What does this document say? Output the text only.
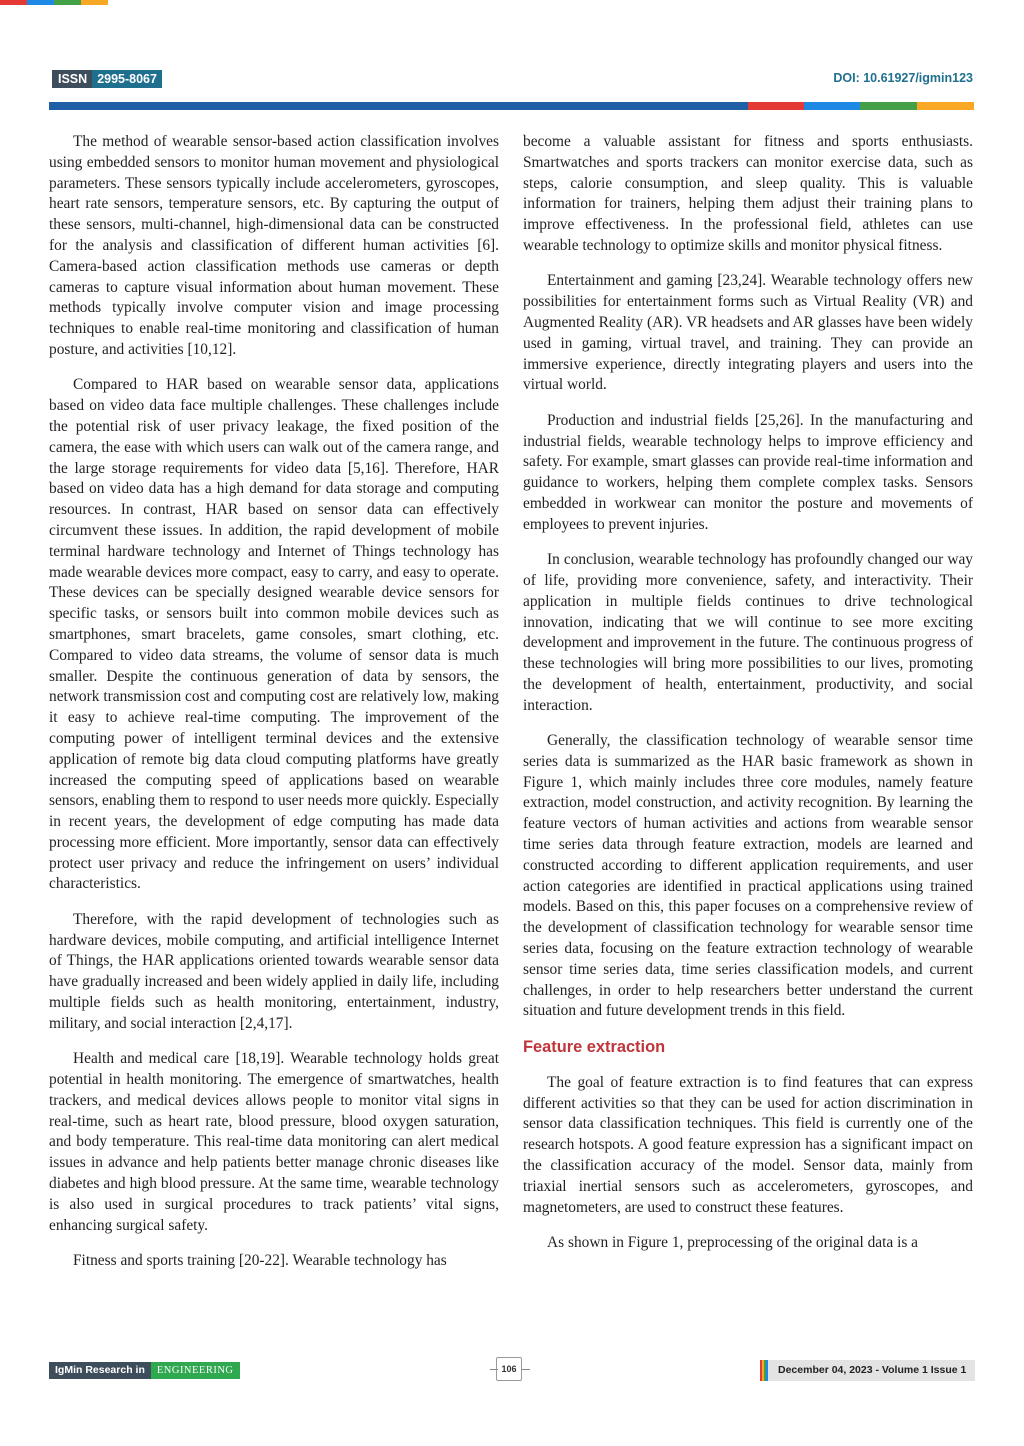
ISSN 2995-8067	DOI: 10.61927/igmin123

The method of wearable sensor-based action classification involves using embedded sensors to monitor human movement and physiological parameters. These sensors typically include accelerometers, gyroscopes, heart rate sensors, temperature sensors, etc. By capturing the output of these sensors, multi-channel, high-dimensional data can be constructed for the analysis and classification of different human activities [6]. Camera-based action classification methods use cameras or depth cameras to capture visual information about human movement. These methods typically involve computer vision and image processing techniques to enable real-time monitoring and classification of human posture, and activities [10,12].

Compared to HAR based on wearable sensor data, applications based on video data face multiple challenges. These challenges include the potential risk of user privacy leakage, the fixed position of the camera, the ease with which users can walk out of the camera range, and the large storage requirements for video data [5,16]. Therefore, HAR based on video data has a high demand for data storage and computing resources. In contrast, HAR based on sensor data can effectively circumvent these issues. In addition, the rapid development of mobile terminal hardware technology and Internet of Things technology has made wearable devices more compact, easy to carry, and easy to operate. These devices can be specially designed wearable device sensors for specific tasks, or sensors built into common mobile devices such as smartphones, smart bracelets, game consoles, smart clothing, etc. Compared to video data streams, the volume of sensor data is much smaller. Despite the continuous generation of data by sensors, the network transmission cost and computing cost are relatively low, making it easy to achieve real-time computing. The improvement of the computing power of intelligent terminal devices and the extensive application of remote big data cloud computing platforms have greatly increased the computing speed of applications based on wearable sensors, enabling them to respond to user needs more quickly. Especially in recent years, the development of edge computing has made data processing more efficient. More importantly, sensor data can effectively protect user privacy and reduce the infringement on users’ individual characteristics.

Therefore, with the rapid development of technologies such as hardware devices, mobile computing, and artificial intelligence Internet of Things, the HAR applications oriented towards wearable sensor data have gradually increased and been widely applied in daily life, including multiple fields such as health monitoring, entertainment, industry, military, and social interaction [2,4,17].

Health and medical care [18,19]. Wearable technology holds great potential in health monitoring. The emergence of smartwatches, health trackers, and medical devices allows people to monitor vital signs in real-time, such as heart rate, blood pressure, blood oxygen saturation, and body temperature. This real-time data monitoring can alert medical issues in advance and help patients better manage chronic diseases like diabetes and high blood pressure. At the same time, wearable technology is also used in surgical procedures to track patients’ vital signs, enhancing surgical safety.

Fitness and sports training [20-22]. Wearable technology has

become a valuable assistant for fitness and sports enthusiasts. Smartwatches and sports trackers can monitor exercise data, such as steps, calorie consumption, and sleep quality. This is valuable information for trainers, helping them adjust their training plans to improve effectiveness. In the professional field, athletes can use wearable technology to optimize skills and monitor physical fitness.

Entertainment and gaming [23,24]. Wearable technology offers new possibilities for entertainment forms such as Virtual Reality (VR) and Augmented Reality (AR). VR headsets and AR glasses have been widely used in gaming, virtual travel, and training. They can provide an immersive experience, directly integrating players and users into the virtual world.

Production and industrial fields [25,26]. In the manufacturing and industrial fields, wearable technology helps to improve efficiency and safety. For example, smart glasses can provide real-time information and guidance to workers, helping them complete complex tasks. Sensors embedded in workwear can monitor the posture and movements of employees to prevent injuries.

In conclusion, wearable technology has profoundly changed our way of life, providing more convenience, safety, and interactivity. Their application in multiple fields continues to drive technological innovation, indicating that we will continue to see more exciting development and improvement in the future. The continuous progress of these technologies will bring more possibilities to our lives, promoting the development of health, entertainment, productivity, and social interaction.

Generally, the classification technology of wearable sensor time series data is summarized as the HAR basic framework as shown in Figure 1, which mainly includes three core modules, namely feature extraction, model construction, and activity recognition. By learning the feature vectors of human activities and actions from wearable sensor time series data through feature extraction, models are learned and constructed according to different application requirements, and user action categories are identified in practical applications using trained models. Based on this, this paper focuses on a comprehensive review of the development of classification technology for wearable sensor time series data, focusing on the feature extraction technology of wearable sensor time series data, time series classification models, and current challenges, in order to help researchers better understand the current situation and future development trends in this field.

Feature extraction

The goal of feature extraction is to find features that can express different activities so that they can be used for action discrimination in sensor data classification techniques. This field is currently one of the research hotspots. A good feature expression has a significant impact on the classification accuracy of the model. Sensor data, mainly from triaxial inertial sensors such as accelerometers, gyroscopes, and magnetometers, are used to construct these features.

As shown in Figure 1, preprocessing of the original data is a

IgMin Research in	ENGINEERING	106	December 04, 2023 - Volume 1 Issue 1
